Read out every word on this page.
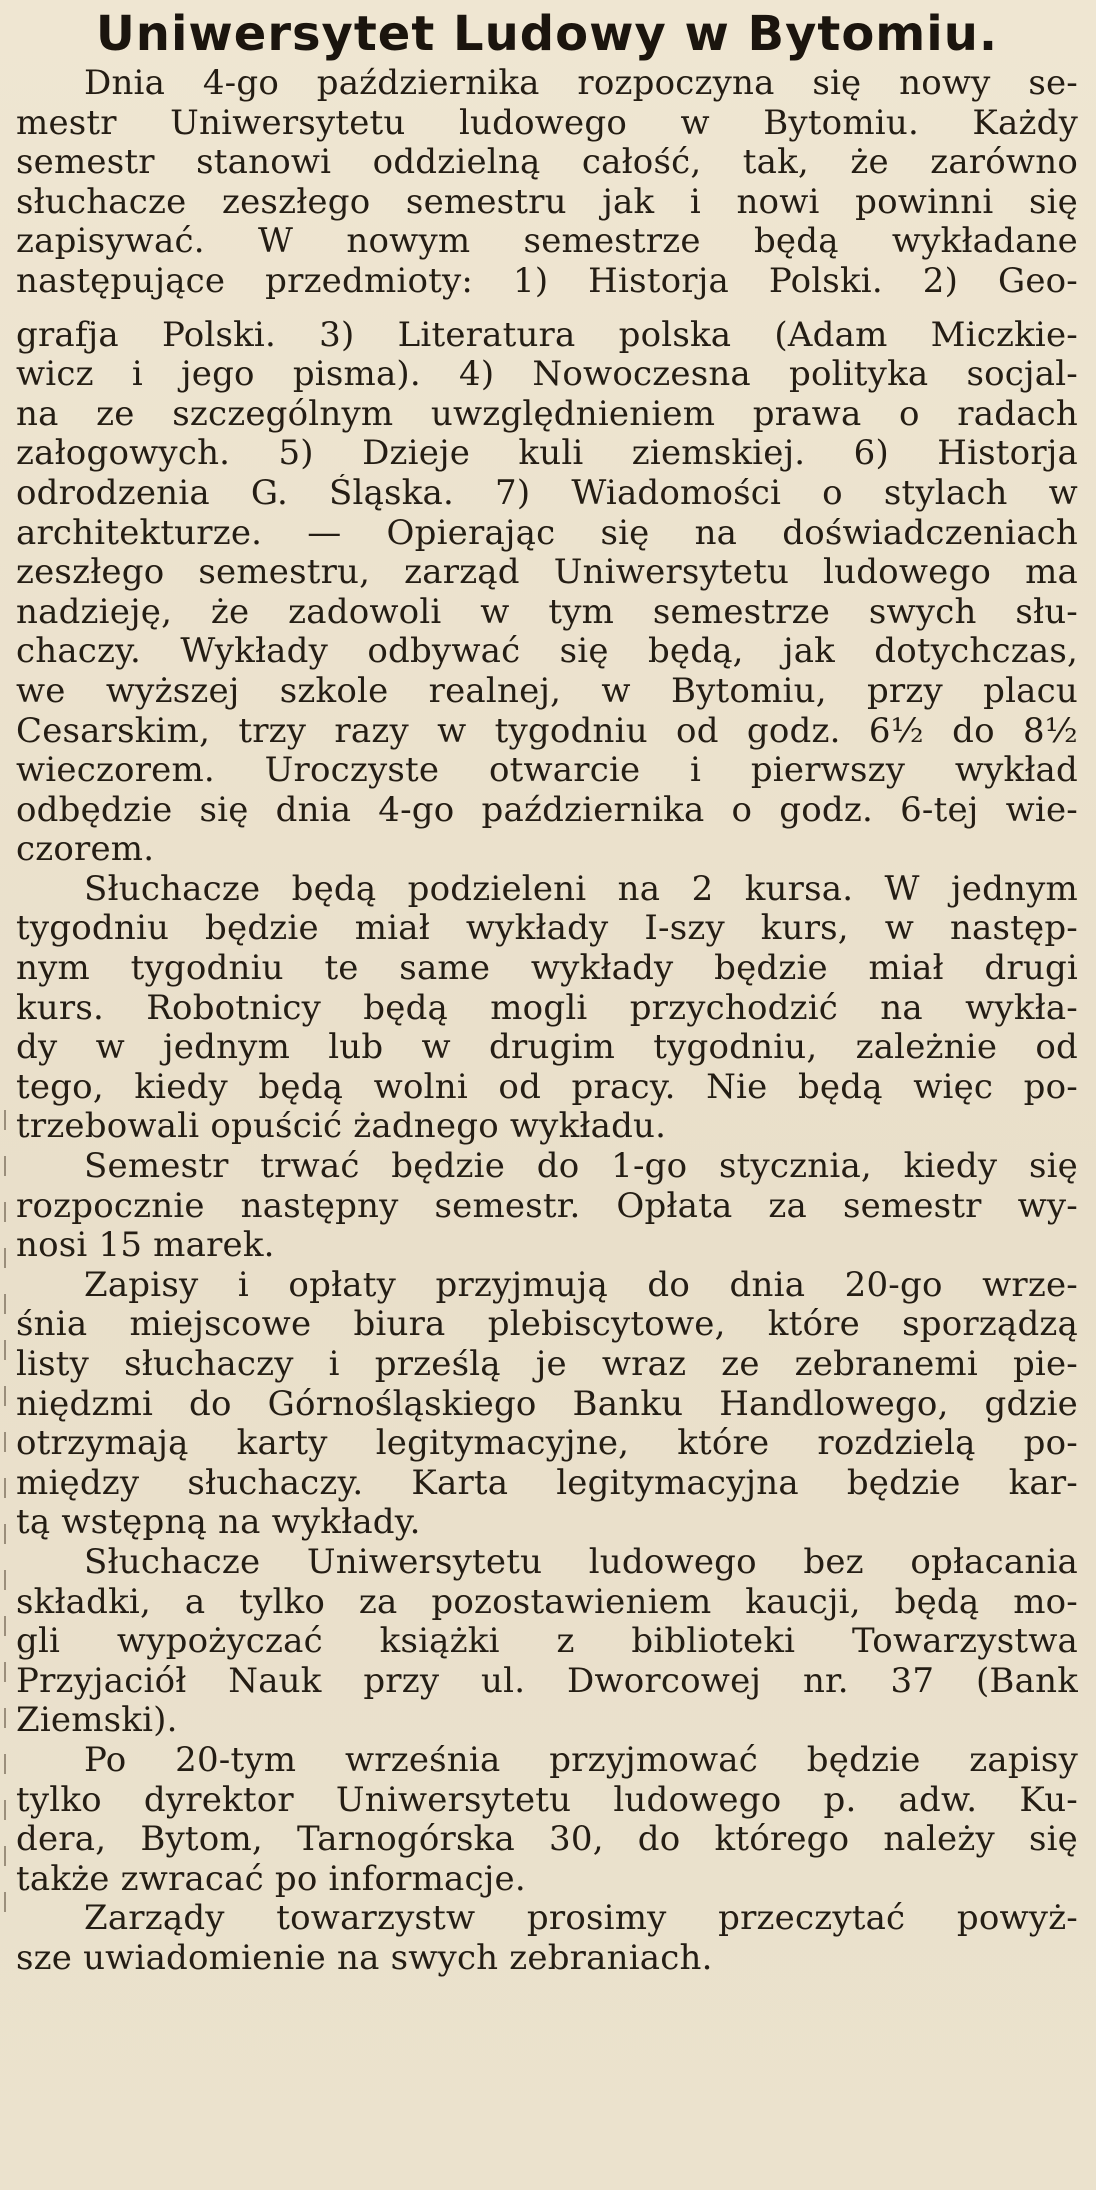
Uniwersytet Ludowy w Bytomiu.

Dnia 4-go października rozpoczyna się nowy se-
mestr Uniwersytetu ludowego w Bytomiu. Każdy
semestr stanowi oddzielną całość, tak, że zarówno
słuchacze zeszłego semestru jak i nowi powinni się
zapisywać. W nowym semestrze będą wykładane
następujące przedmioty: 1) Historja Polski. 2) Geo-

grafja Polski. 3) Literatura polska (Adam Miczkie-
wicz i jego pisma). 4) Nowoczesna polityka socjal-
na ze szczególnym uwzględnieniem prawa o radach
załogowych. 5) Dzieje kuli ziemskiej. 6) Historja
odrodzenia G. Śląska. 7) Wiadomości o stylach w
architekturze. — Opierając się na doświadczeniach
zeszłego semestru, zarząd Uniwersytetu ludowego ma
nadzieję, że zadowoli w tym semestrze swych słu-
chaczy. Wykłady odbywać się będą, jak dotychczas,
we wyższej szkole realnej, w Bytomiu, przy placu
Cesarskim, trzy razy w tygodniu od godz. 6½ do 8½
wieczorem. Uroczyste otwarcie i pierwszy wykład
odbędzie się dnia 4-go października o godz. 6-tej wie-
czorem.

Słuchacze będą podzieleni na 2 kursa. W jednym
tygodniu będzie miał wykłady I-szy kurs, w następ-
nym tygodniu te same wykłady będzie miał drugi
kurs. Robotnicy będą mogli przychodzić na wykła-
dy w jednym lub w drugim tygodniu, zależnie od
tego, kiedy będą wolni od pracy. Nie będą więc po-
trzebowali opuścić żadnego wykładu.

Semestr trwać będzie do 1-go stycznia, kiedy się
rozpocznie następny semestr. Opłata za semestr wy-
nosi 15 marek.

Zapisy i opłaty przyjmują do dnia 20-go wrze-
śnia miejscowe biura plebiscytowe, które sporządzą
listy słuchaczy i prześlą je wraz ze zebranemi pie-
niędzmi do Górnośląskiego Banku Handlowego, gdzie
otrzymają karty legitymacyjne, które rozdzielą po-
między słuchaczy. Karta legitymacyjna będzie kar-
tą wstępną na wykłady.

Słuchacze Uniwersytetu ludowego bez opłacania
składki, a tylko za pozostawieniem kaucji, będą mo-
gli wypożyczać książki z biblioteki Towarzystwa
Przyjaciół Nauk przy ul. Dworcowej nr. 37 (Bank
Ziemski).

Po 20-tym września przyjmować będzie zapisy
tylko dyrektor Uniwersytetu ludowego p. adw. Ku-
dera, Bytom, Tarnogórska 30, do którego należy się
także zwracać po informacje.

Zarządy towarzystw prosimy przeczytać powyż-
sze uwiadomienie na swych zebraniach.
